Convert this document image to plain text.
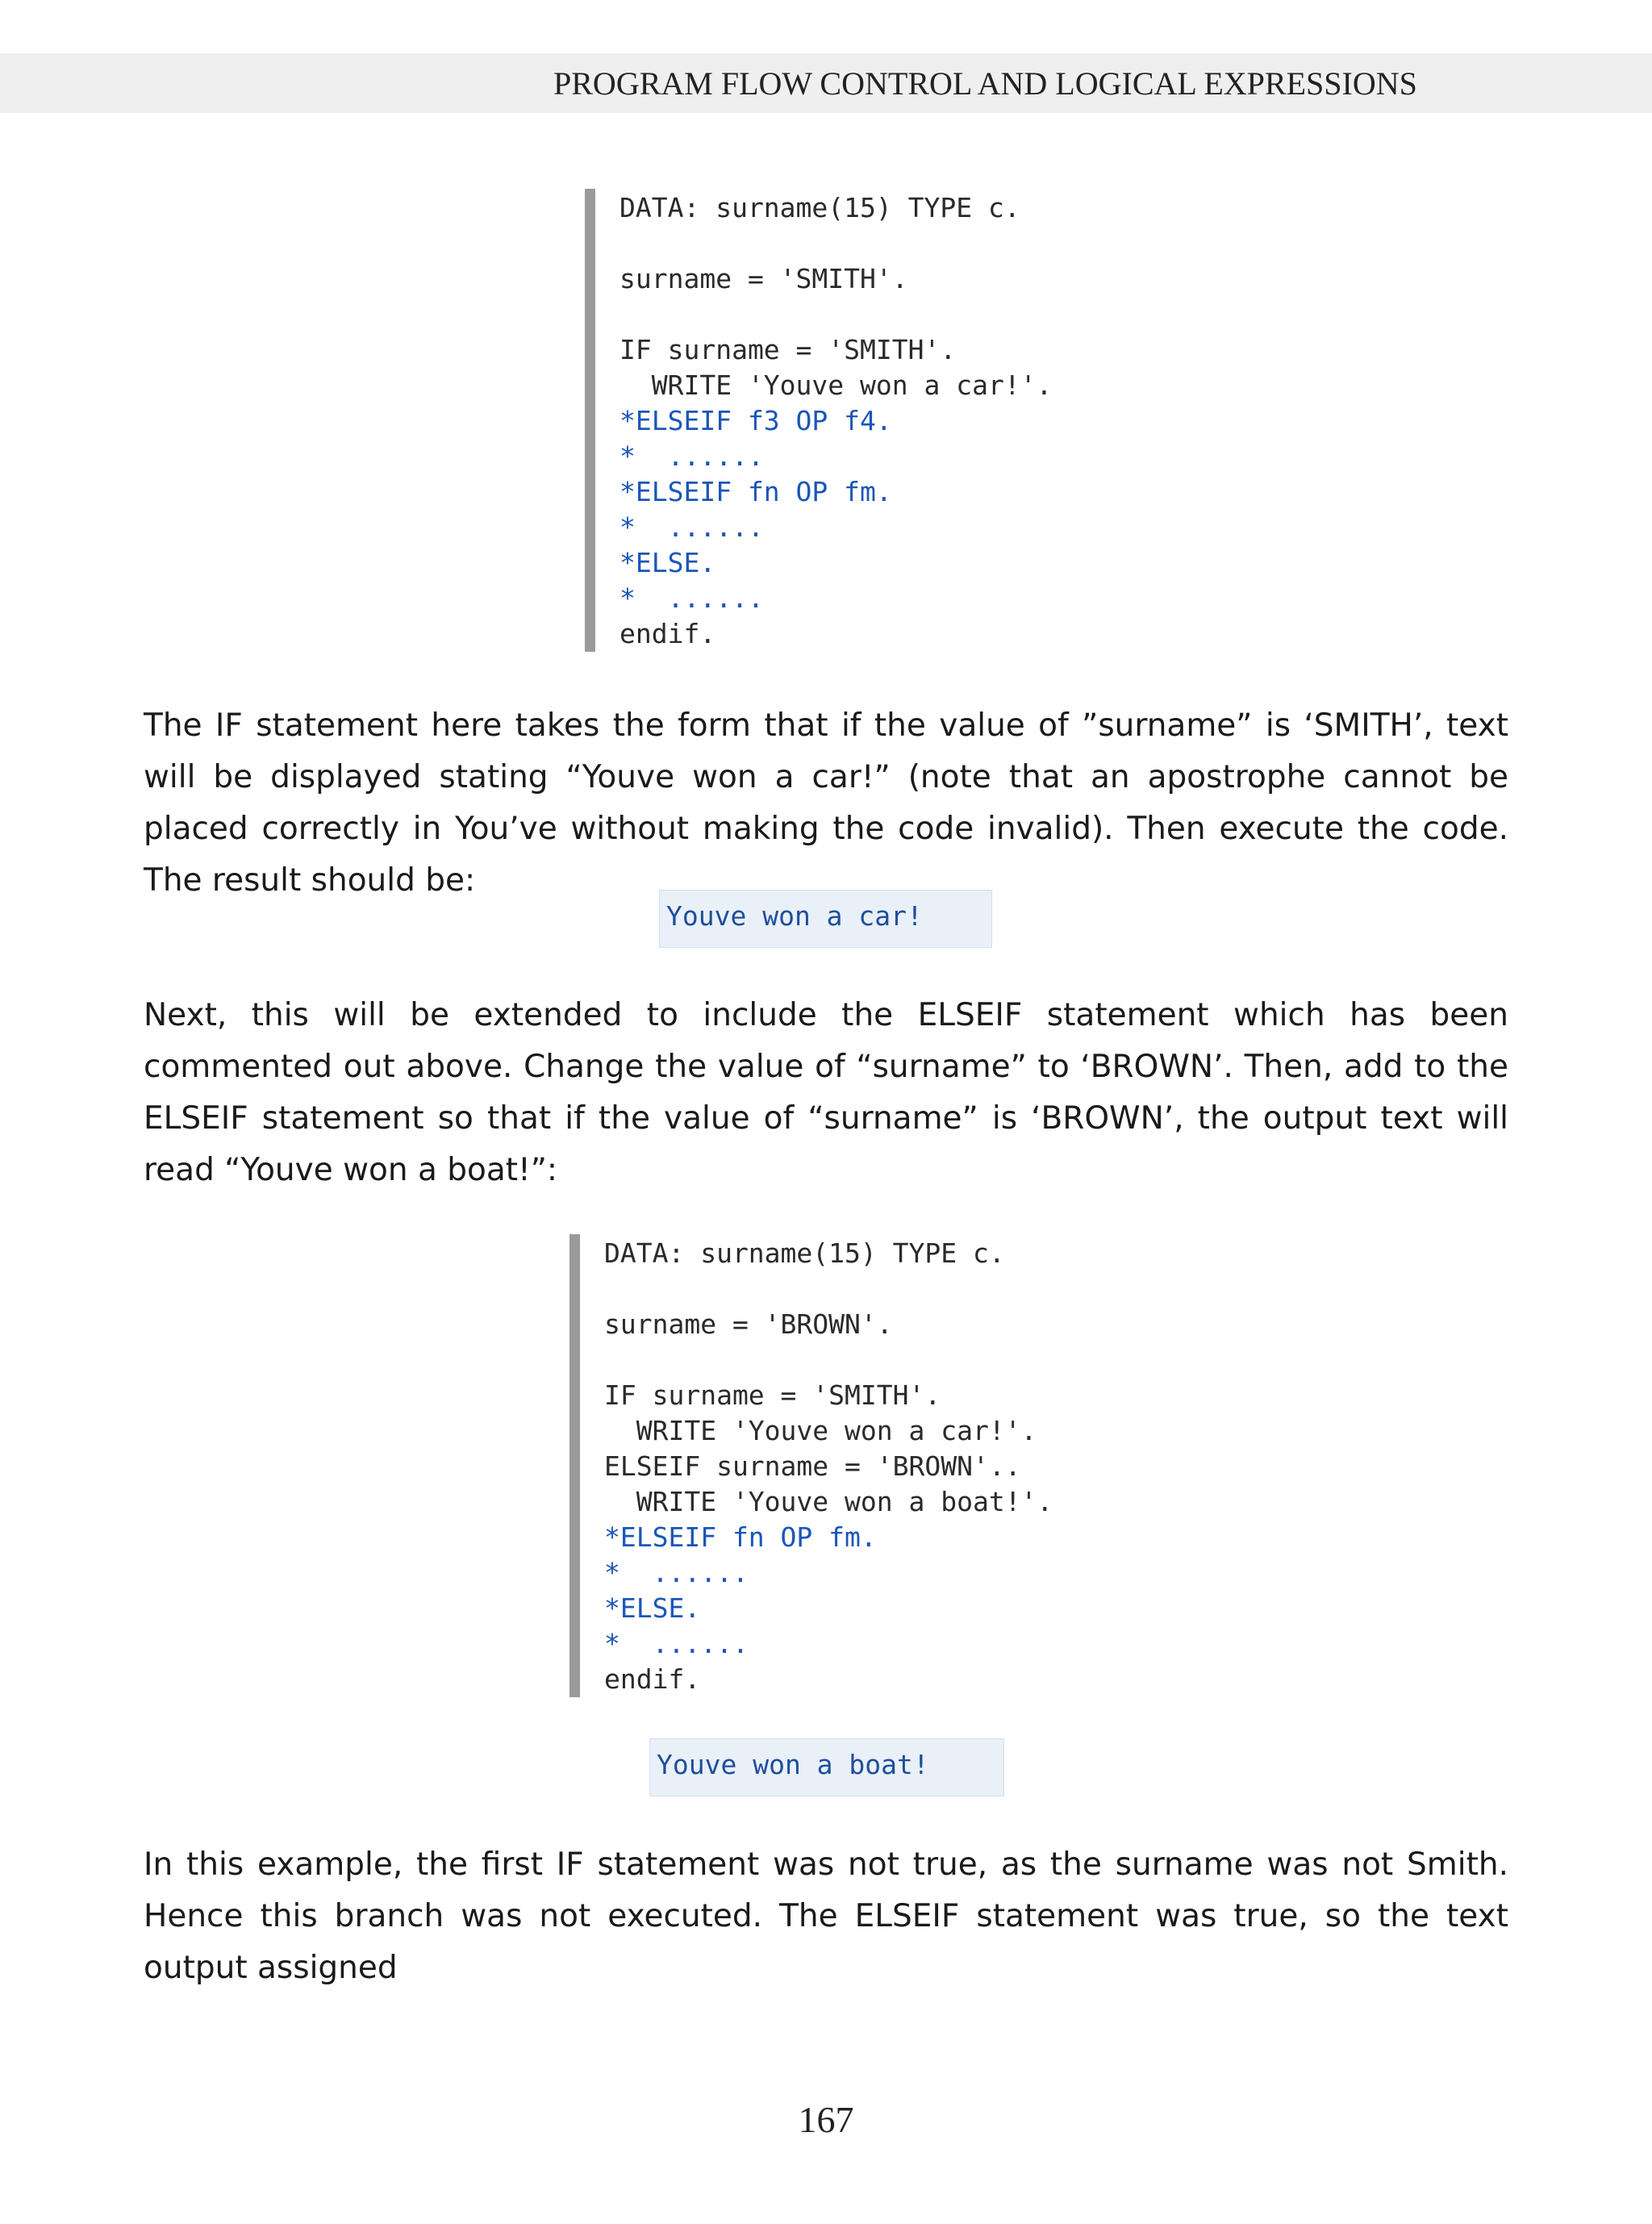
PROGRAM FLOW CONTROL AND LOGICAL EXPRESSIONS
DATA: surname(15) TYPE c.
surname = 'SMITH'.
IF surname = 'SMITH'.
WRITE 'Youve won a car!'.
*ELSEIF f3 OP f4.
*  ......
*ELSEIF fn OP fm.
*  ......
*ELSE.
*  ......
endif.

The IF statement here takes the form that if the value of ”surname” is ‘SMITH’, text will be displayed stating “Youve won a car!” (note that an apostrophe cannot be placed correctly in You’ve without making the code invalid). Then execute the code. The result should be:

Youve won a car!

Next, this will be extended to include the ELSEIF statement which has been commented out above. Change the value of “surname” to ‘BROWN’. Then, add to the ELSEIF statement so that if the value of “surname” is ‘BROWN’, the output text will read “Youve won a boat!”:

DATA: surname(15) TYPE c.
surname = 'BROWN'.
IF surname = 'SMITH'.
WRITE 'Youve won a car!'.
ELSEIF surname = 'BROWN'..
WRITE 'Youve won a boat!'.
*ELSEIF fn OP fm.
*  ......
*ELSE.
*  ......
endif.
Youve won a boat!

In this example, the first IF statement was not true, as the surname was not Smith. Hence this branch was not executed. The ELSEIF statement was true, so the text output assigned

167
